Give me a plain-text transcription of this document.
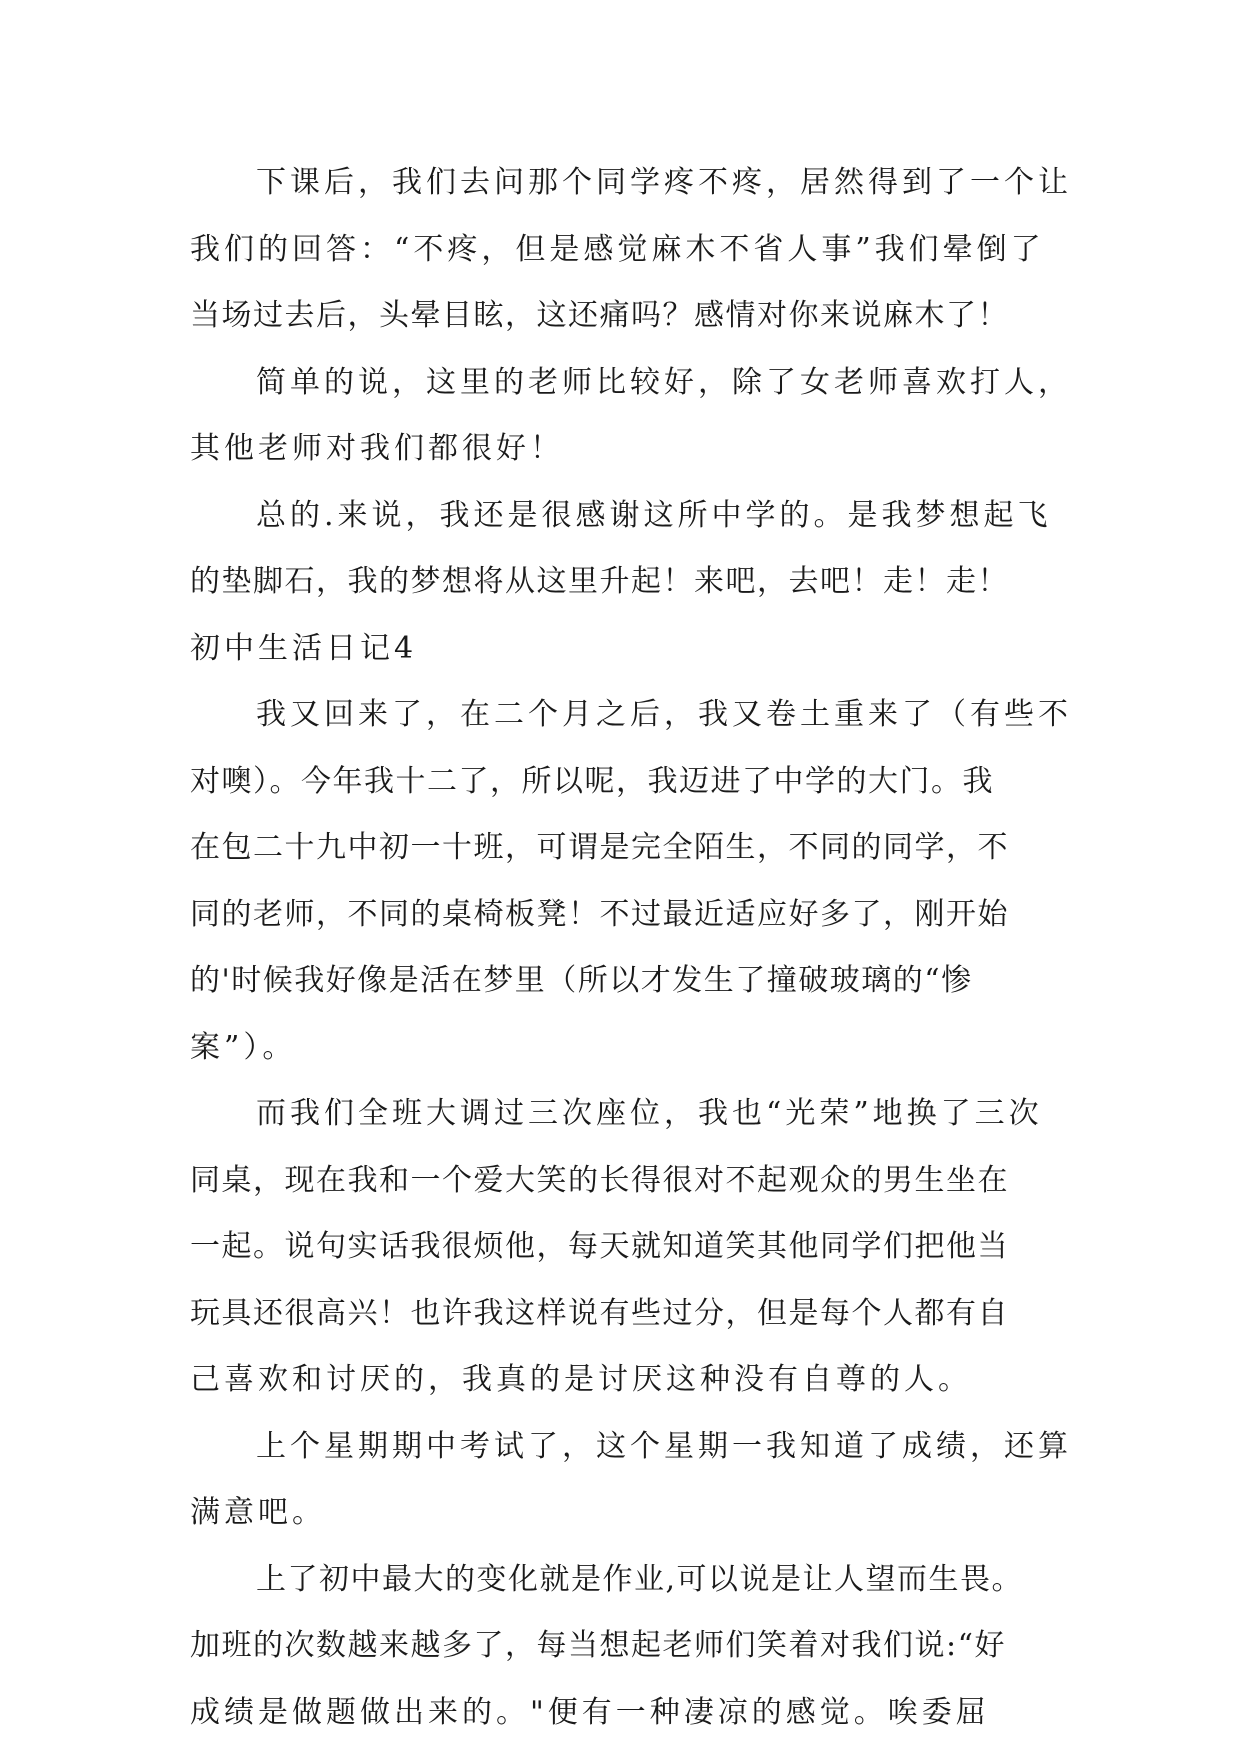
下课后，我们去问那个同学疼不疼，居然得到了一个让
我们的回答：“不疼，但是感觉麻木不省人事”我们晕倒了
当场过去后，头晕目眩，这还痛吗？感情对你来说麻木了！
简单的说，这里的老师比较好，除了女老师喜欢打人，
其他老师对我们都很好！
总的.来说，我还是很感谢这所中学的。是我梦想起飞
的垫脚石，我的梦想将从这里升起！来吧，去吧！走！走！
初中生活日记4
我又回来了，在二个月之后，我又卷土重来了（有些不
对噢）。今年我十二了，所以呢，我迈进了中学的大门。我
在包二十九中初一十班，可谓是完全陌生，不同的同学，不
同的老师，不同的桌椅板凳！不过最近适应好多了，刚开始
的'时候我好像是活在梦里（所以才发生了撞破玻璃的“惨
案”）。
而我们全班大调过三次座位，我也“光荣”地换了三次
同桌，现在我和一个爱大笑的长得很对不起观众的男生坐在
一起。说句实话我很烦他，每天就知道笑其他同学们把他当
玩具还很高兴！也许我这样说有些过分，但是每个人都有自
己喜欢和讨厌的，我真的是讨厌这种没有自尊的人。
上个星期期中考试了，这个星期一我知道了成绩，还算
满意吧。
上了初中最大的变化就是作业,可以说是让人望而生畏。
加班的次数越来越多了，每当想起老师们笑着对我们说:“好
成绩是做题做出来的。"便有一种凄凉的感觉。唉委屈
